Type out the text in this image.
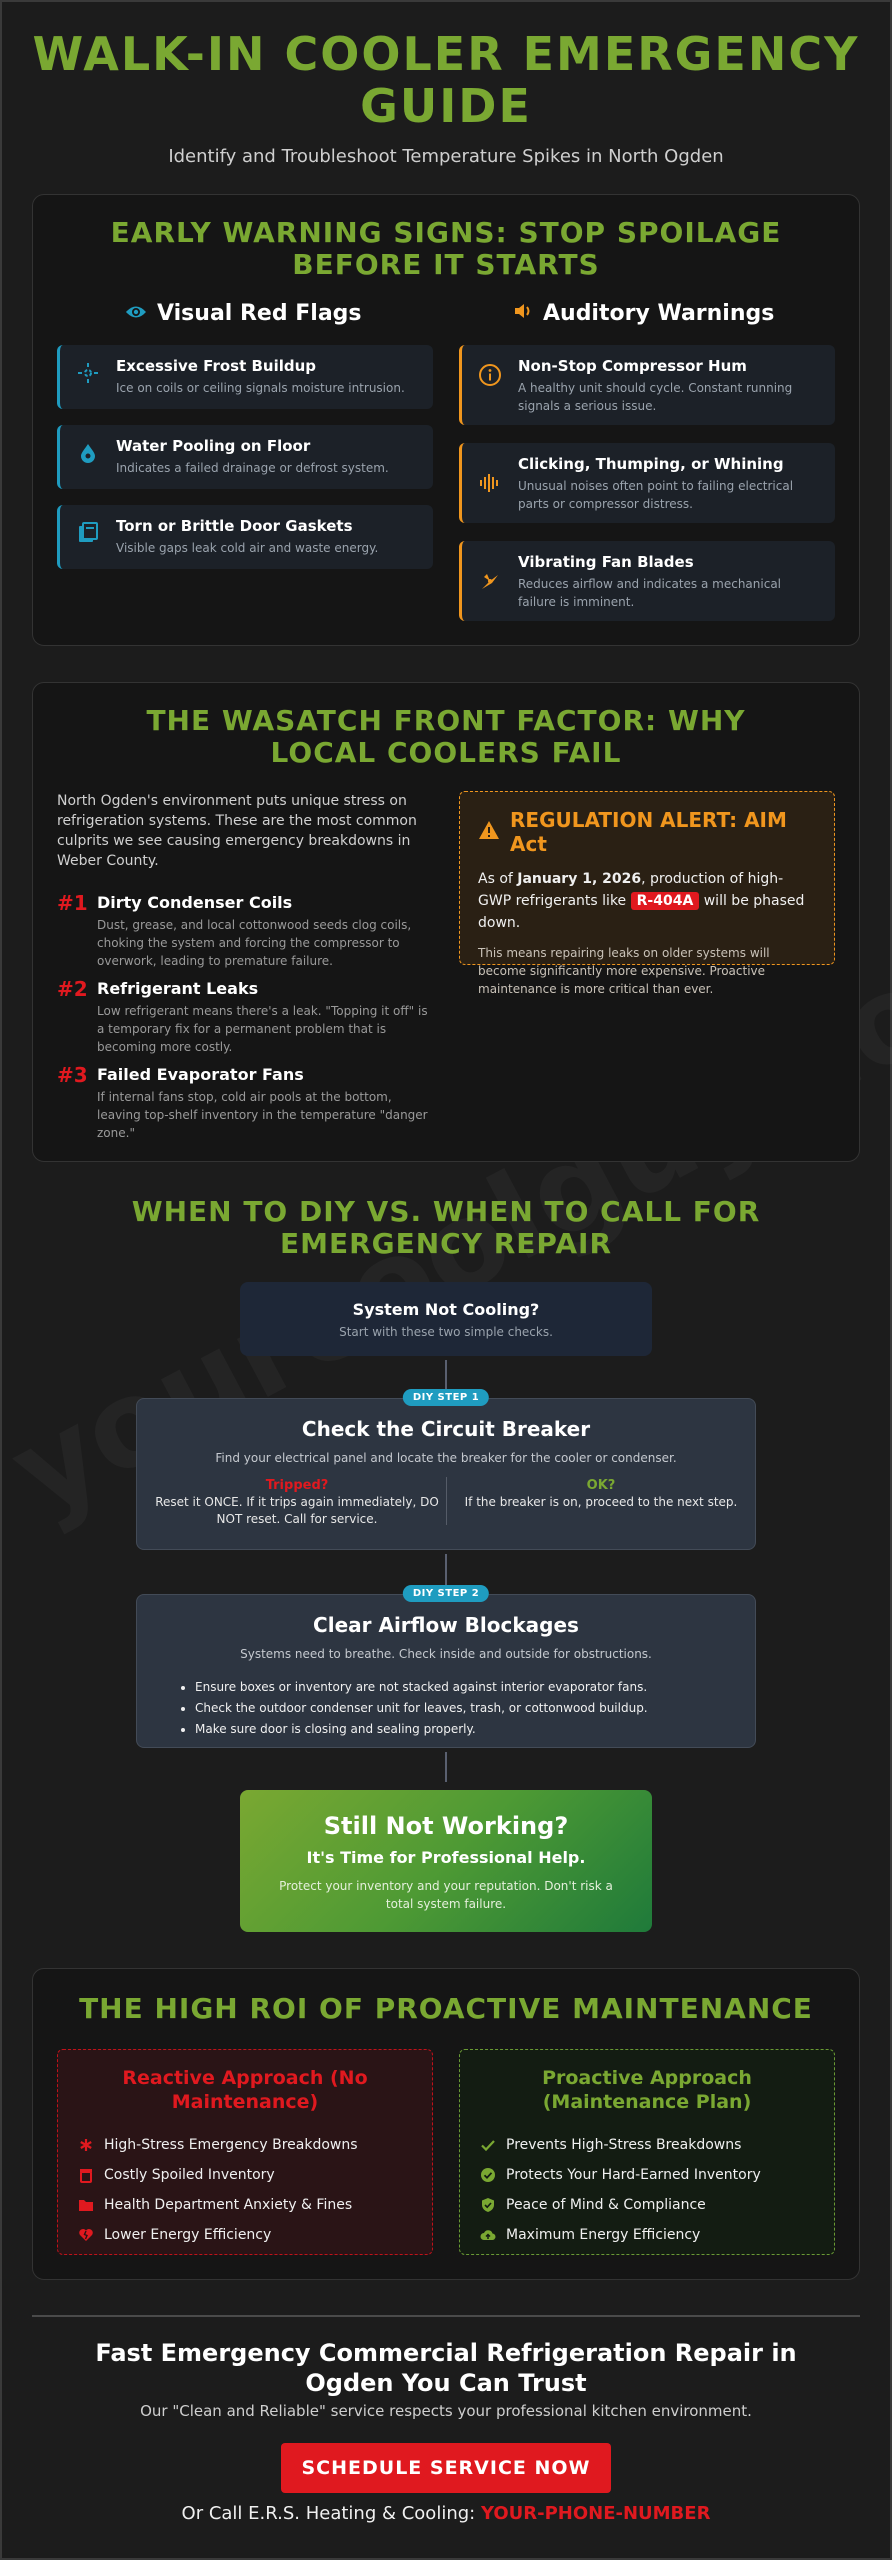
WALK-IN COOLER EMERGENCY GUIDE

Identify and Troubleshoot Temperature Spikes in North Ogden

EARLY WARNING SIGNS: STOP SPOILAGE BEFORE IT STARTS
Visual Red Flags	Auditory Warnings
Excessive Frost Buildup

Ice on coils or ceiling signals moisture intrusion.

Water Pooling on Floor

Indicates a failed drainage or defrost system.

Torn or Brittle Door Gaskets

Visible gaps leak cold air and waste energy.

Non-Stop Compressor Hum

A healthy unit should cycle. Constant running signals a serious issue.

Clicking, Thumping, or Whining

Unusual noises often point to failing electrical parts or compressor distress.

Vibrating Fan Blades

Reduces airflow and indicates a mechanical failure is imminent.

THE WASATCH FRONT FACTOR: WHY LOCAL COOLERS FAIL

North Ogden's environment puts unique stress on refrigeration systems. These are the most common culprits we see causing emergency breakdowns in Weber County.

#1 Dirty Condenser Coils

Dust, grease, and local cottonwood seeds clog coils, choking the system and forcing the compressor to overwork, leading to premature failure.

#2 Refrigerant Leaks

Low refrigerant means there's a leak. "Topping it off" is a temporary fix for a permanent problem that is becoming more costly.

#3 Failed Evaporator Fans

If internal fans stop, cold air pools at the bottom, leaving top-shelf inventory in the temperature "danger zone."

REGULATION ALERT: AIM Act

As of January 1, 2026, production of high-GWP refrigerants like R-404A will be phased down.

This means repairing leaks on older systems will become significantly more expensive. Proactive maintenance is more critical than ever.

WHEN TO DIY VS. WHEN TO CALL FOR EMERGENCY REPAIR
System Not Cooling?
Start with these two simple checks.
DIY STEP 1
Check the Circuit Breaker

Find your electrical panel and locate the breaker for the cooler or condenser.

Tripped?
Reset it ONCE. If it trips again immediately, DO NOT reset. Call for service.
OK?
If the breaker is on, proceed to the next step.
DIY STEP 2
Clear Airflow Blockages

Systems need to breathe. Check inside and outside for obstructions.

• Ensure boxes or inventory are not stacked against interior evaporator fans.
• Check the outdoor condenser unit for leaves, trash, or cottonwood buildup.
• Make sure door is closing and sealing properly.
Still Not Working?
It's Time for Professional Help.

Protect your inventory and your reputation. Don't risk a total system failure.

THE HIGH ROI OF PROACTIVE MAINTENANCE
Reactive Approach (No Maintenance)
High-Stress Emergency Breakdowns
Costly Spoiled Inventory
Health Department Anxiety & Fines
Lower Energy Efficiency
Proactive Approach (Maintenance Plan)
Prevents High-Stress Breakdowns
Protects Your Hard-Earned Inventory
Peace of Mind & Compliance
Maximum Energy Efficiency
Fast Emergency Commercial Refrigeration Repair in Ogden You Can Trust

Our "Clean and Reliable" service respects your professional kitchen environment.

SCHEDULE SERVICE NOW

Or Call E.R.S. Heating & Cooling: YOUR-PHONE-NUMBER
